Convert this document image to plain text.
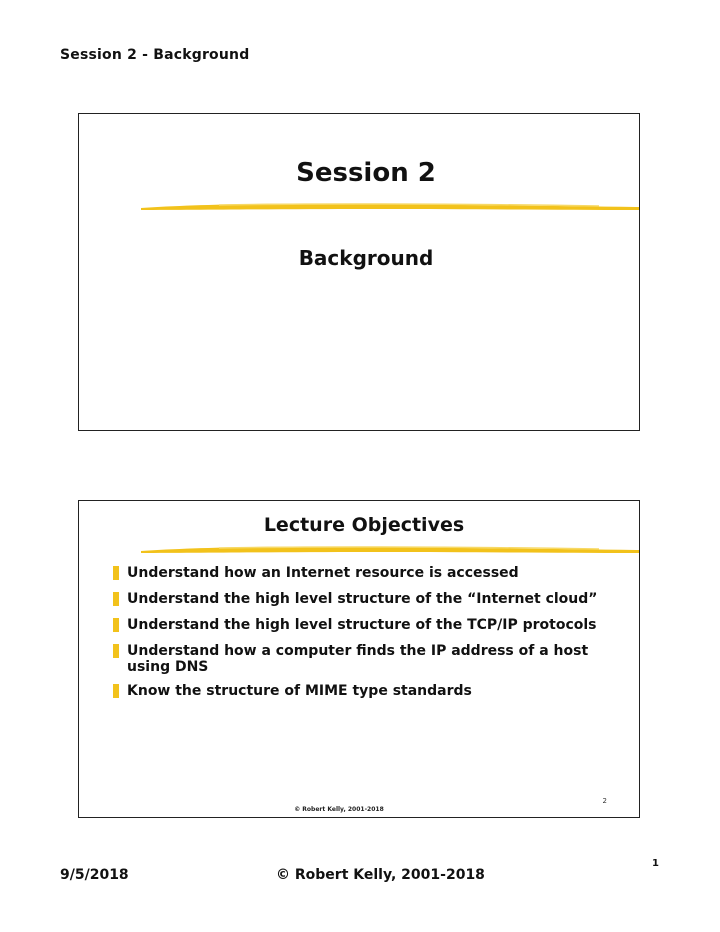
Session 2 - Background
Session 2
Background
Lecture Objectives
Understand how an Internet resource is accessed
Understand the high level structure of the “Internet cloud”
Understand the high level structure of the TCP/IP protocols
Understand how a computer finds the IP address of a host using DNS
Know the structure of MIME type standards
2
© Robert Kelly, 2001-2018
9/5/2018	© Robert Kelly, 2001-2018
1
